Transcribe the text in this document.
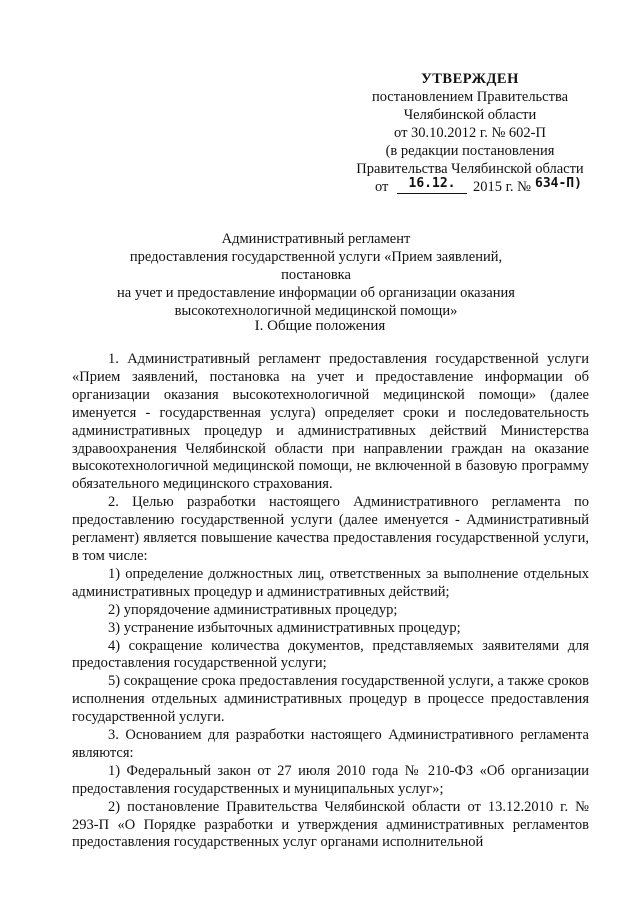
УТВЕРЖДЕН
постановлением Правительства
Челябинской области
от 30.10.2012 г. № 602-П
(в редакции постановления
Правительства Челябинской области
от	16.12.	2015 г. № 634-П)
Административный регламент
предоставления государственной услуги «Прием заявлений, постановка
на учет и предоставление информации об организации оказания
высокотехнологичной медицинской помощи»
I. Общие положения

1. Административный регламент предоставления государственной услуги «Прием заявлений, постановка на учет и предоставление информации об организации оказания высокотехнологичной медицинской помощи» (далее именуется - государственная услуга) определяет сроки и последовательность административных процедур и административных действий Министерства здравоохранения Челябинской области при направлении граждан на оказание высокотехнологичной медицинской помощи, не включенной в базовую программу обязательного медицинского страхования.

2. Целью разработки настоящего Административного регламента по предоставлению государственной услуги (далее именуется - Административный регламент) является повышение качества предоставления государственной услуги, в том числе:

1) определение должностных лиц, ответственных за выполнение отдельных административных процедур и административных действий;

2) упорядочение административных процедур;

3) устранение избыточных административных процедур;

4) сокращение количества документов, представляемых заявителями для предоставления государственной услуги;

5) сокращение срока предоставления государственной услуги, а также сроков исполнения отдельных административных процедур в процессе предоставления государственной услуги.

3. Основанием для разработки настоящего Административного регламента являются:

1) Федеральный закон от 27 июля 2010 года № 210-ФЗ «Об организации предоставления государственных и муниципальных услуг»;

2) постановление Правительства Челябинской области от 13.12.2010 г. № 293-П «О Порядке разработки и утверждения административных регламентов предоставления государственных услуг органами исполнительной
